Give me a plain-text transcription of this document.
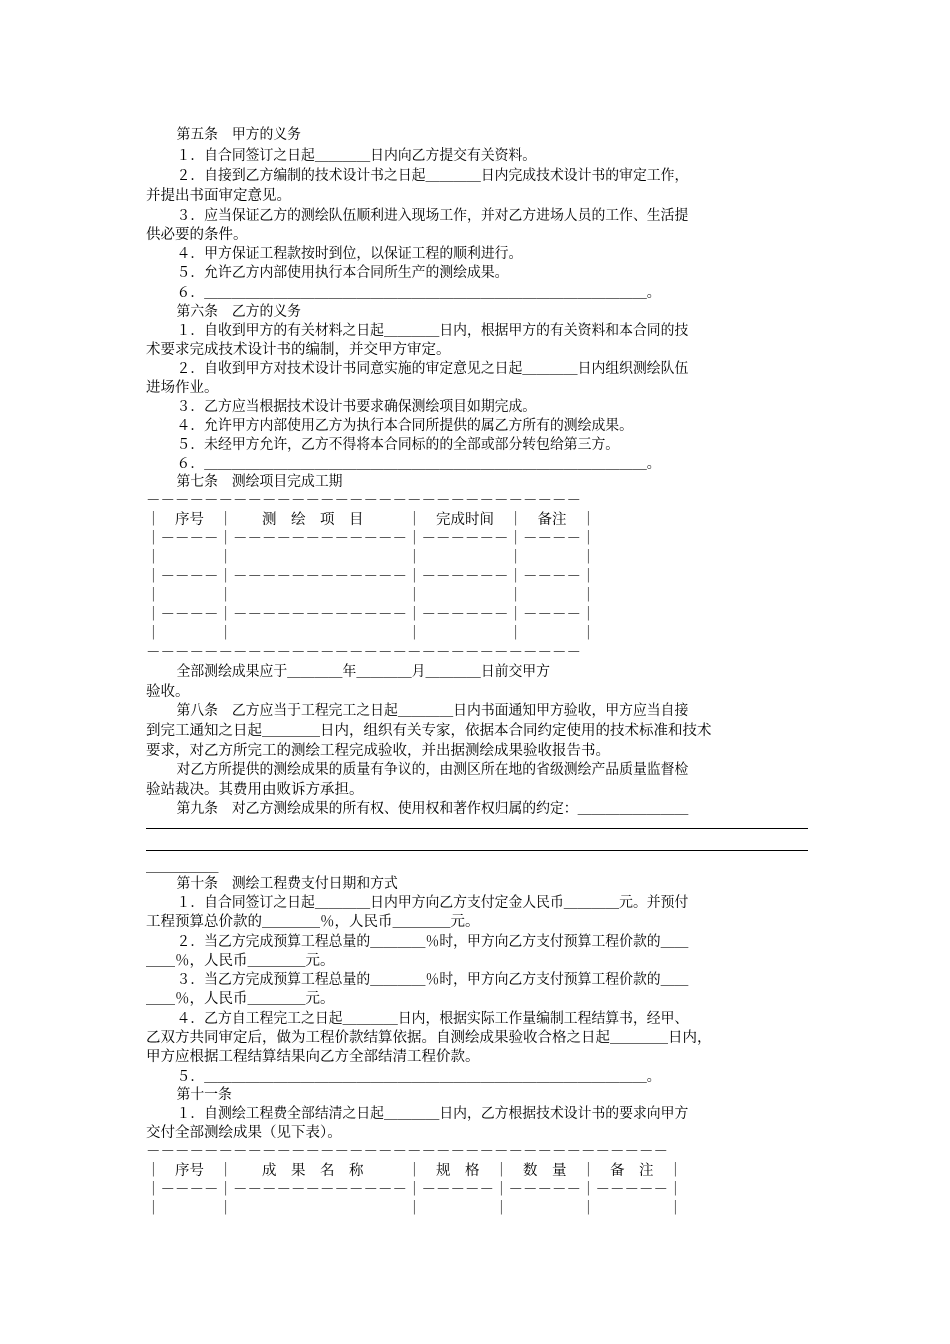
第五条　甲方的义务
１．自合同签订之日起＿＿＿＿日内向乙方提交有关资料。
２．自接到乙方编制的技术设计书之日起＿＿＿＿日内完成技术设计书的审定工作，
并提出书面审定意见。
３．应当保证乙方的测绘队伍顺利进入现场工作，并对乙方进场人员的工作、生活提
供必要的条件。
４．甲方保证工程款按时到位，以保证工程的顺利进行。
５．允许乙方内部使用执行本合同所生产的测绘成果。
６．＿＿＿＿＿＿＿＿＿＿＿＿＿＿＿＿＿＿＿＿＿＿＿＿＿＿＿＿＿＿＿＿。
第六条　乙方的义务
１．自收到甲方的有关材料之日起＿＿＿＿日内，根据甲方的有关资料和本合同的技
术要求完成技术设计书的编制，并交甲方审定。
２．自收到甲方对技术设计书同意实施的审定意见之日起＿＿＿＿日内组织测绘队伍
进场作业。
３．乙方应当根据技术设计书要求确保测绘项目如期完成。
４．允许甲方内部使用乙方为执行本合同所提供的属乙方所有的测绘成果。
５．未经甲方允许，乙方不得将本合同标的的全部或部分转包给第三方。
６．＿＿＿＿＿＿＿＿＿＿＿＿＿＿＿＿＿＿＿＿＿＿＿＿＿＿＿＿＿＿＿＿。
第七条　测绘项目完成工期
全部测绘成果应于＿＿＿＿年＿＿＿＿月＿＿＿＿日前交甲方
验收。
第八条　乙方应当于工程完工之日起＿＿＿＿日内书面通知甲方验收，甲方应当自接
到完工通知之日起＿＿＿＿日内，组织有关专家，依据本合同约定使用的技术标准和技术
要求，对乙方所完工的测绘工程完成验收，并出据测绘成果验收报告书。
对乙方所提供的测绘成果的质量有争议的，由测区所在地的省级测绘产品质量监督检
验站裁决。其费用由败诉方承担。
第九条　对乙方测绘成果的所有权、使用权和著作权归属的约定：＿＿＿＿＿＿＿＿
第十条　测绘工程费支付日期和方式
１．自合同签订之日起＿＿＿＿日内甲方向乙方支付定金人民币＿＿＿＿元。并预付
工程预算总价款的＿＿＿＿％，人民币＿＿＿＿元。
２．当乙方完成预算工程总量的＿＿＿＿％时，甲方向乙方支付预算工程价款的＿＿
＿＿％，人民币＿＿＿＿元。
３．当乙方完成预算工程总量的＿＿＿＿％时，甲方向乙方支付预算工程价款的＿＿
＿＿％，人民币＿＿＿＿元。
４．乙方自工程完工之日起＿＿＿＿日内，根据实际工作量编制工程结算书，经甲、
乙双方共同审定后，做为工程价款结算依据。自测绘成果验收合格之日起＿＿＿＿日内，
甲方应根据工程结算结果向乙方全部结清工程价款。
５．＿＿＿＿＿＿＿＿＿＿＿＿＿＿＿＿＿＿＿＿＿＿＿＿＿＿＿＿＿＿＿＿。
第十一条
１．自测绘工程费全部结清之日起＿＿＿＿日内，乙方根据技术设计书的要求向甲方
交付全部测绘成果（见下表）。
－－－－－－－－－－－－－－－－－－－－－－－－－－－－－－
｜　序号　｜　　测　绘　项　目　　　｜　完成时间　｜　备注　｜
｜－－－－｜－－－－－－－－－－－－｜－－－－－－｜－－－－｜
｜　　　　｜　　　　　　　　　　　　｜　　　　　　｜　　　　｜
｜－－－－｜－－－－－－－－－－－－｜－－－－－－｜－－－－｜
｜　　　　｜　　　　　　　　　　　　｜　　　　　　｜　　　　｜
｜－－－－｜－－－－－－－－－－－－｜－－－－－－｜－－－－｜
｜　　　　｜　　　　　　　　　　　　｜　　　　　　｜　　　　｜
－－－－－－－－－－－－－－－－－－－－－－－－－－－－－－
－－－－－－－－－－－－－－－－－－－－－－－－－－－－－－－－－－－－
｜　序号　｜　　成　果　名　称　　　｜　规　格　｜　数　量　｜　备　注　｜
｜－－－－｜－－－－－－－－－－－－｜－－－－－｜－－－－－｜－－－－－｜
｜　　　　｜　　　　　　　　　　　　｜　　　　　｜　　　　　｜　　　　　｜
＿＿＿＿＿
